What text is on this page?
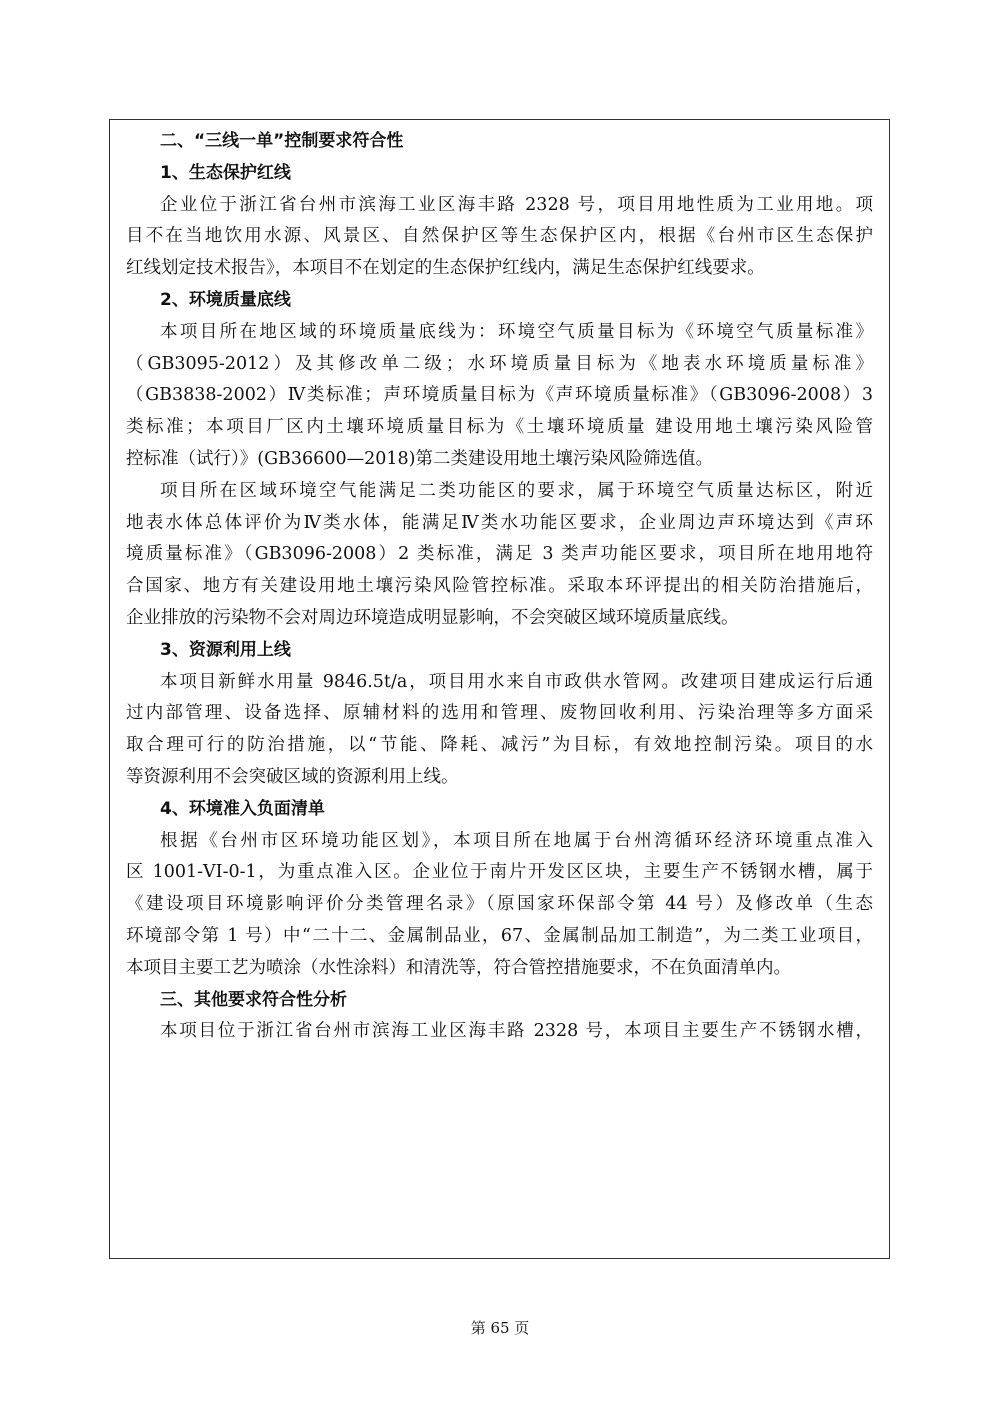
二、“三线一单”控制要求符合性
1、生态保护红线
企业位于浙江省台州市滨海工业区海丰路 2328 号，项目用地性质为工业用地。项
目不在当地饮用水源、风景区、自然保护区等生态保护区内，根据《台州市区生态保护
红线划定技术报告》，本项目不在划定的生态保护红线内，满足生态保护红线要求。
2、环境质量底线
本项目所在地区域的环境质量底线为：环境空气质量目标为《环境空气质量标准》
（GB3095-2012）及其修改单二级；水环境质量目标为《地表水环境质量标准》
（GB3838-2002）Ⅳ类标准；声环境质量目标为《声环境质量标准》（GB3096-2008）3
类标准；本项目厂区内土壤环境质量目标为《土壤环境质量 建设用地土壤污染风险管
控标准（试行）》(GB36600—2018)第二类建设用地土壤污染风险筛选值。
项目所在区域环境空气能满足二类功能区的要求，属于环境空气质量达标区，附近
地表水体总体评价为Ⅳ类水体，能满足Ⅳ类水功能区要求，企业周边声环境达到《声环
境质量标准》（GB3096-2008）2 类标准，满足 3 类声功能区要求，项目所在地用地符
合国家、地方有关建设用地土壤污染风险管控标准。采取本环评提出的相关防治措施后，
企业排放的污染物不会对周边环境造成明显影响，不会突破区域环境质量底线。
3、资源利用上线
本项目新鲜水用量 9846.5t/a，项目用水来自市政供水管网。改建项目建成运行后通
过内部管理、设备选择、原辅材料的选用和管理、废物回收利用、污染治理等多方面采
取合理可行的防治措施，以“节能、降耗、减污”为目标，有效地控制污染。项目的水
等资源利用不会突破区域的资源利用上线。
4、环境准入负面清单
根据《台州市区环境功能区划》，本项目所在地属于台州湾循环经济环境重点准入
区 1001-VI-0-1，为重点准入区。企业位于南片开发区区块，主要生产不锈钢水槽，属于
《建设项目环境影响评价分类管理名录》（原国家环保部令第 44 号）及修改单（生态
环境部令第 1 号）中“二十二、金属制品业，67、金属制品加工制造”，为二类工业项目，
本项目主要工艺为喷涂（水性涂料）和清洗等，符合管控措施要求，不在负面清单内。
三、其他要求符合性分析
本项目位于浙江省台州市滨海工业区海丰路 2328 号，本项目主要生产不锈钢水槽，
第 65 页
